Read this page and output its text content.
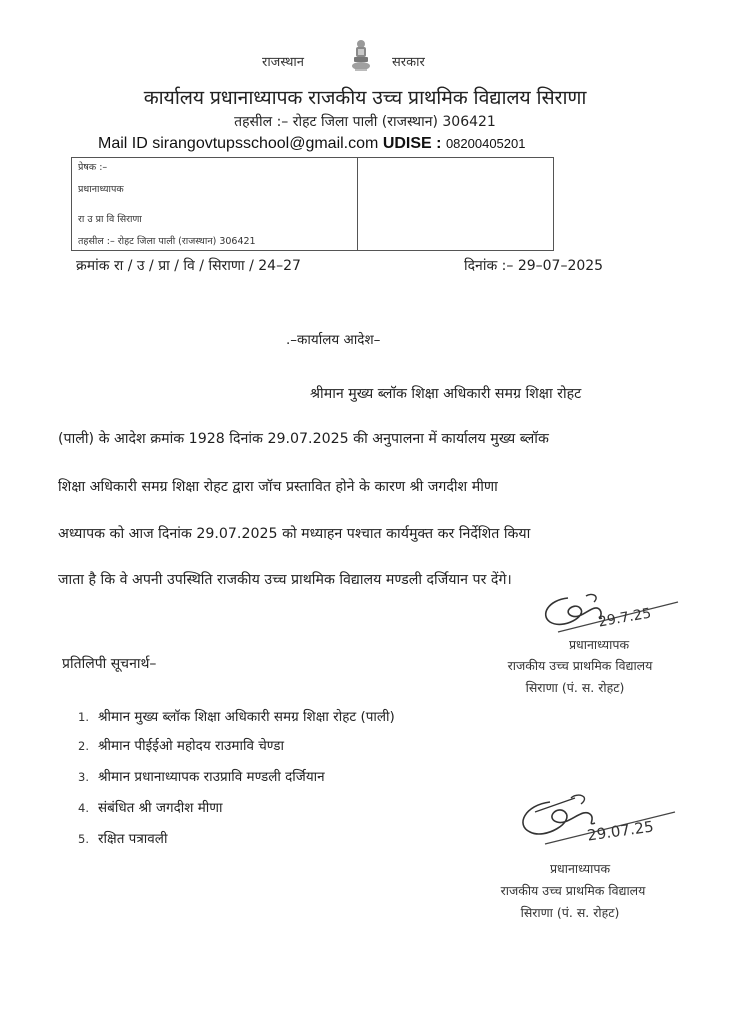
राजस्थान	सरकार
कार्यालय प्रधानाध्यापक राजकीय उच्च प्राथमिक विद्यालय सिराणा
तहसील :– रोहट जिला पाली (राजस्थान) 306421
Mail ID sirangovtupsschool@gmail.com UDISE : 08200405201
प्रेषक :–
प्रधानाध्यापक
रा उ प्रा वि सिराणा
तहसील :– रोहट जिला पाली (राजस्थान) 306421
क्रमांक रा / उ / प्रा / वि / सिराणा / 24–27	दिनांक :– 29–07–2025
.–कार्यालय आदेश–
श्रीमान मुख्य ब्लॉक शिक्षा अधिकारी समग्र शिक्षा रोहट
(पाली) के आदेश क्रमांक 1928 दिनांक 29.07.2025 की अनुपालना में कार्यालय मुख्य ब्लॉक
शिक्षा अधिकारी समग्र शिक्षा रोहट द्वारा जॉच प्रस्तावित होने के कारण श्री जगदीश मीणा
अध्यापक को आज दिनांक 29.07.2025 को मध्याहन पश्चात कार्यमुक्त कर निर्देशित किया
जाता है कि वे अपनी उपस्थिति राजकीय उच्च प्राथमिक विद्यालय मण्डली दर्जियान पर देंगे।
29.7.25
प्रधानाध्यापक
राजकीय उच्च प्राथमिक विद्यालय
सिराणा (पं. स. रोहट)
प्रतिलिपी सूचनार्थ–
1. श्रीमान मुख्य ब्लॉक शिक्षा अधिकारी समग्र शिक्षा रोहट (पाली)
2. श्रीमान पीईईओ महोदय राउमावि चेण्डा
3. श्रीमान प्रधानाध्यापक राउप्रावि मण्डली दर्जियान
4. संबंधित श्री जगदीश मीणा
5. रक्षित पत्रावली	29.07.25
प्रधानाध्यापक
राजकीय उच्च प्राथमिक विद्यालय
सिराणा (पं. स. रोहट)
